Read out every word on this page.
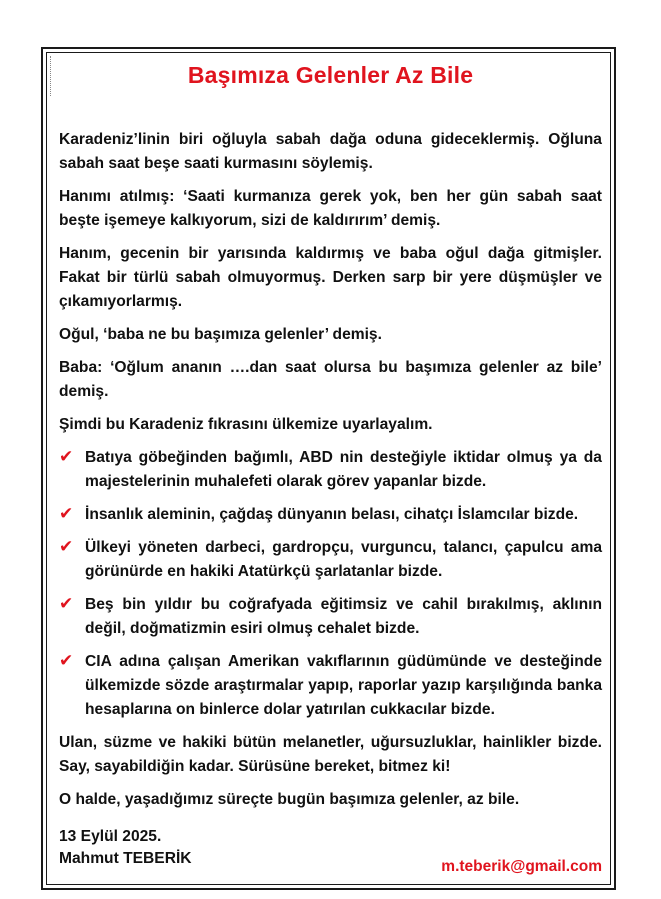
Başımıza Gelenler Az Bile

Karadeniz’linin biri oğluyla sabah dağa oduna gideceklermiş. Oğluna sabah saat beşe saati kurmasını söylemiş.

Hanımı atılmış: ‘Saati kurmanıza gerek yok, ben her gün sabah saat beşte işemeye kalkıyorum, sizi de kaldırırım’ demiş.

Hanım, gecenin bir yarısında kaldırmış ve baba oğul dağa gitmişler. Fakat bir türlü sabah olmuyormuş. Derken sarp bir yere düşmüşler ve çıkamıyorlarmış.

Oğul, ‘baba ne bu başımıza gelenler’ demiş.

Baba: ‘Oğlum ananın ….dan saat olursa bu başımıza gelenler az bile’ demiş.

Şimdi bu Karadeniz fıkrasını ülkemize uyarlayalım.

✔ Batıya göbeğinden bağımlı, ABD nin desteğiyle iktidar olmuş ya da majestelerinin muhalefeti olarak görev yapanlar bizde.
✔ İnsanlık aleminin, çağdaş dünyanın belası, cihatçı İslamcılar bizde.
✔ Ülkeyi yöneten darbeci, gardropçu, vurguncu, talancı, çapulcu ama görünürde en hakiki Atatürkçü şarlatanlar bizde.
✔ Beş bin yıldır bu coğrafyada eğitimsiz ve cahil bırakılmış, aklının değil, doğmatizmin esiri olmuş cehalet bizde.
✔ CIA adına çalışan Amerikan vakıflarının güdümünde ve desteğinde ülkemizde sözde araştırmalar yapıp, raporlar yazıp karşılığında banka hesaplarına on binlerce dolar yatırılan cukkacılar bizde.

Ulan, süzme ve hakiki bütün melanetler, uğursuzluklar, hainlikler bizde. Say, sayabildiğin kadar. Sürüsüne bereket, bitmez ki!

O halde, yaşadığımız süreçte bugün başımıza gelenler, az bile.

13 Eylül 2025.
Mahmut TEBERİK	m.teberik@gmail.com
